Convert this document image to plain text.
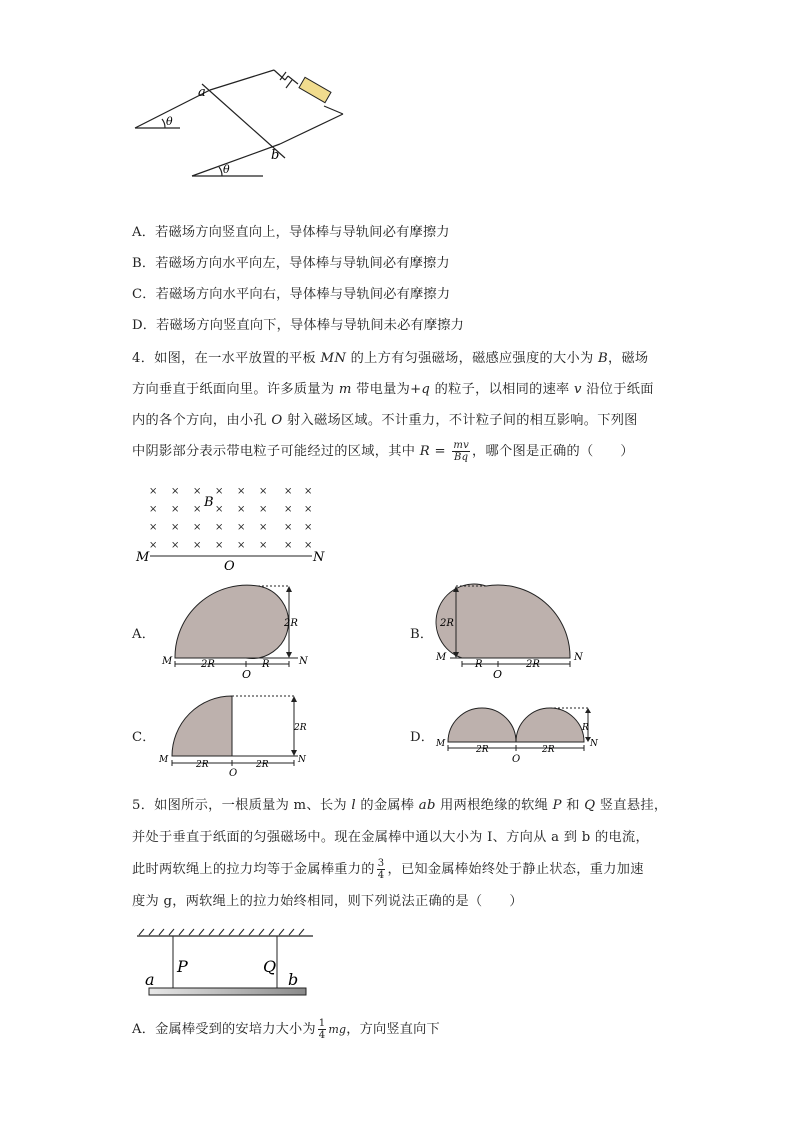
a
b
θ
θ
A．若磁场方向竖直向上，导体棒与导轨间必有摩擦力
B．若磁场方向水平向左，导体棒与导轨间必有摩擦力
C．若磁场方向水平向右，导体棒与导轨间必有摩擦力
D．若磁场方向竖直向下，导体棒与导轨间未必有摩擦力
4．如图，在一水平放置的平板 MN 的上方有匀强磁场，磁感应强度的大小为 B，磁场
方向垂直于纸面向里。许多质量为 m 带电量为+q 的粒子，以相同的速率 v 沿位于纸面
内的各个方向，由小孔 O 射入磁场区域。不计重力，不计粒子间的相互影响。下列图
中阴影部分表示带电粒子可能经过的区域，其中 $R = \frac{mv}{Bq}$ ，哪个图是正确的（　　）
× × × × × × × ×
× × × × × × × ×
× × × × × × × ×
× × × × × × × ×
B
M
O
N
A．
M	N
O
2R	R
2R
B．
M	N
O
2R
R	2R
C．
M	N
O
2R	2R
2R
D． M	N
O
2R	2R
R
5．如图所示，一根质量为 m、长为 l 的金属棒 ab 用两根绝缘的软绳 P 和 Q 竖直悬挂，
并处于垂直于纸面的匀强磁场中。现在金属棒中通以大小为 I、方向从 a 到 b 的电流，
此时两软绳上的拉力均等于金属棒重力的 $\frac{3}{4}$ ，已知金属棒始终处于静止状态，重力加速
度为 g，两软绳上的拉力始终相同，则下列说法正确的是（　　）
P	Q
a	b
A．金属棒受到的安培力大小为 $\frac{1}{4}$ mg，方向竖直向下
